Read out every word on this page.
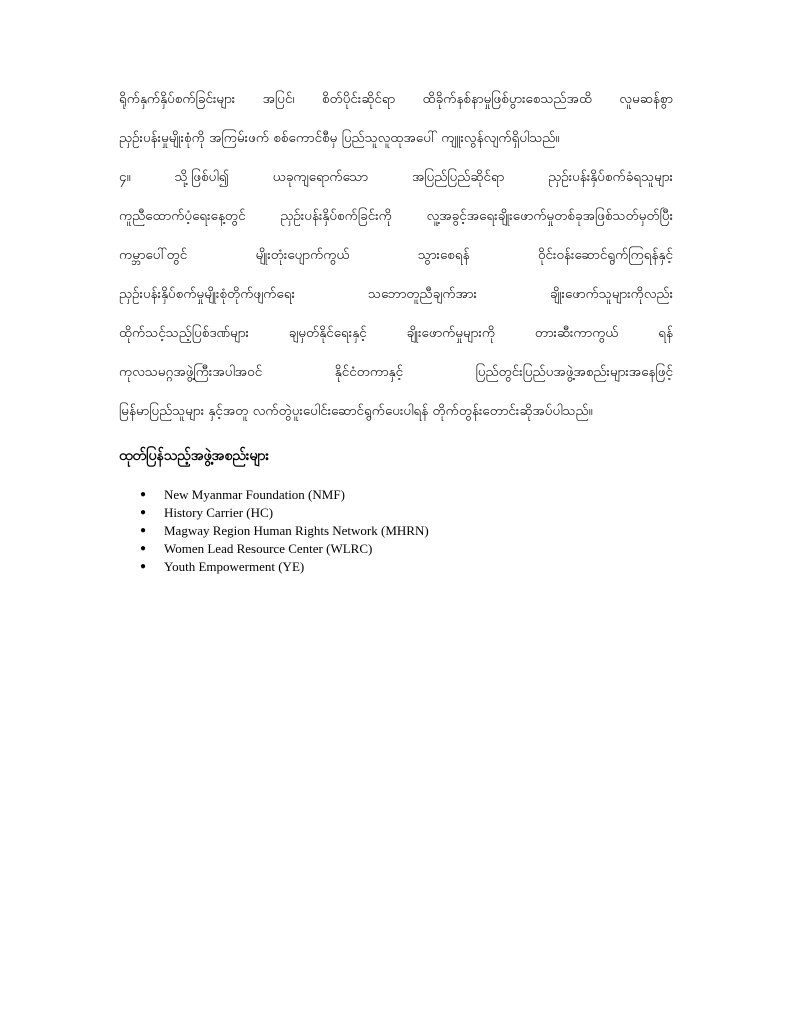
ရိုက်နှက်နှိပ်စက်ခြင်းများ အပြင်၊ စိတ်ပိုင်းဆိုင်ရာ ထိခိုက်နစ်နာမှုဖြစ်ပွားစေသည်အထိ လူမဆန်စွာ
ညှဉ်းပန်းမှုမျိုးစုံကို အကြမ်းဖက် စစ်ကောင်စီမှ ပြည်သူလူထုအပေါ် ကျူးလွန်လျက်ရှိပါသည်။
၄။	သို့ဖြစ်ပါ၍	ယခုကျရောက်သော	အပြည်ပြည်ဆိုင်ရာ	ညှဉ်းပန်းနှိပ်စက်ခံရသူများ
ကူညီထောက်ပံ့ရေးနေ့တွင်	ညှဉ်းပန်းနှိပ်စက်ခြင်းကို	လူ့အခွင့်အရေးချိုးဖောက်မှုတစ်ခုအဖြစ်သတ်မှတ်ပြီး
ကမ္ဘာပေါ်တွင်	မျိုးတုံးပျောက်ကွယ်	သွားစေရန်	ဝိုင်းဝန်းဆောင်ရွက်ကြရန်နှင့်
ညှဉ်းပန်းနှိပ်စက်မှုမျိုးစုံတိုက်ဖျက်ရေး	သဘောတူညီချက်အား	ချိုးဖောက်သူများကိုလည်း
ထိုက်သင့်သည့်ပြစ်ဒဏ်များ	ချမှတ်နိုင်ရေးနှင့်	ချိုးဖောက်မှုများကို	တားဆီးကာကွယ်	ရန်
ကုလသမဂ္ဂအဖွဲ့ကြီးအပါအဝင်	နိုင်ငံတကာနှင့်	ပြည်တွင်းပြည်ပအဖွဲ့အစည်းများအနေဖြင့်
မြန်မာပြည်သူများ နှင့်အတူ လက်တွဲပူးပေါင်းဆောင်ရွက်ပေးပါရန် တိုက်တွန်းတောင်းဆိုအပ်ပါသည်။
ထုတ်ပြန်သည့်အဖွဲ့အစည်းများ
●	New Myanmar Foundation (NMF)
●	History Carrier (HC)
●	Magway Region Human Rights Network (MHRN)
●	Women Lead Resource Center (WLRC)
●	Youth Empowerment (YE)
